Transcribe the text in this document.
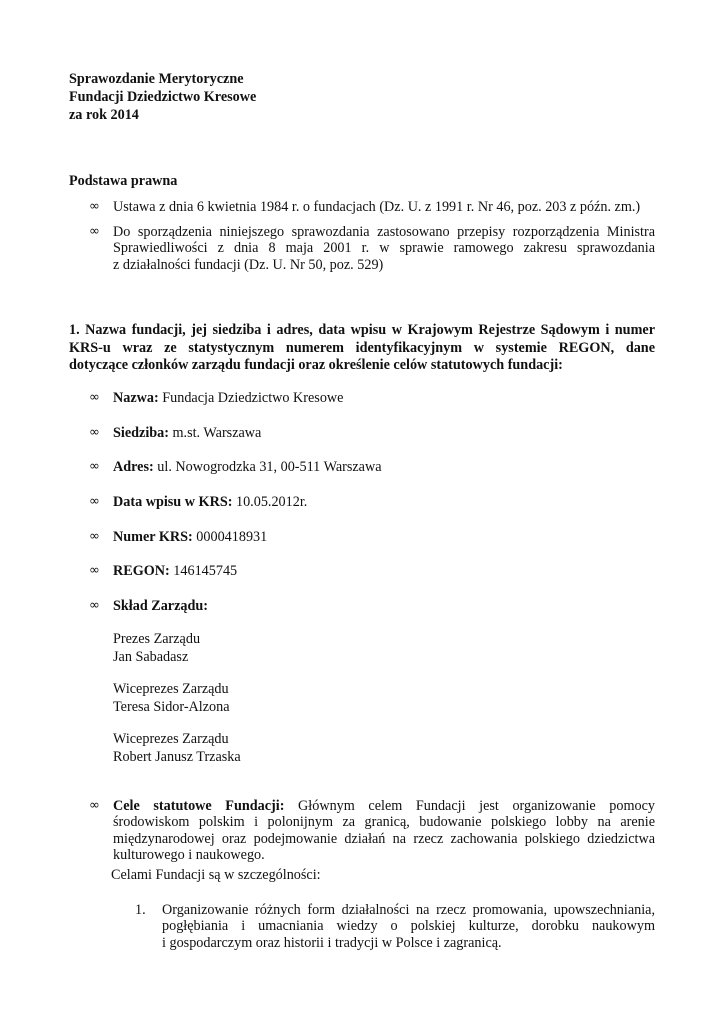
Sprawozdanie Merytoryczne
Fundacji Dziedzictwo Kresowe
za rok 2014
Podstawa prawna
∞ Ustawa z dnia 6 kwietnia 1984 r. o fundacjach (Dz. U. z 1991 r. Nr 46, poz. 203 z późn. zm.)
∞ Do sporządzenia niniejszego sprawozdania zastosowano przepisy rozporządzenia Ministra
Sprawiedliwości z dnia 8 maja 2001 r. w sprawie ramowego zakresu sprawozdania
z działalności fundacji (Dz. U. Nr 50, poz. 529)
1. Nazwa fundacji, jej siedziba i adres, data wpisu w Krajowym Rejestrze Sądowym i numer
KRS-u wraz ze statystycznym numerem identyfikacyjnym w systemie REGON, dane
dotyczące członków zarządu fundacji oraz określenie celów statutowych fundacji:
∞ Nazwa: Fundacja Dziedzictwo Kresowe
∞ Siedziba: m.st. Warszawa
∞ Adres: ul. Nowogrodzka 31, 00-511 Warszawa
∞ Data wpisu w KRS: 10.05.2012r.
∞ Numer KRS: 0000418931
∞ REGON: 146145745
∞ Skład Zarządu:
Prezes Zarządu
Jan Sabadasz
Wiceprezes Zarządu
Teresa Sidor-Alzona
Wiceprezes Zarządu
Robert Janusz Trzaska
∞ Cele statutowe Fundacji: Głównym celem Fundacji jest organizowanie pomocy
środowiskom polskim i polonijnym za granicą, budowanie polskiego lobby na arenie
międzynarodowej oraz podejmowanie działań na rzecz zachowania polskiego dziedzictwa
kulturowego i naukowego.
Celami Fundacji są w szczególności:
1.	Organizowanie różnych form działalności na rzecz promowania, upowszechniania,
pogłębiania i umacniania wiedzy o polskiej kulturze, dorobku naukowym
i gospodarczym oraz historii i tradycji w Polsce i zagranicą.
